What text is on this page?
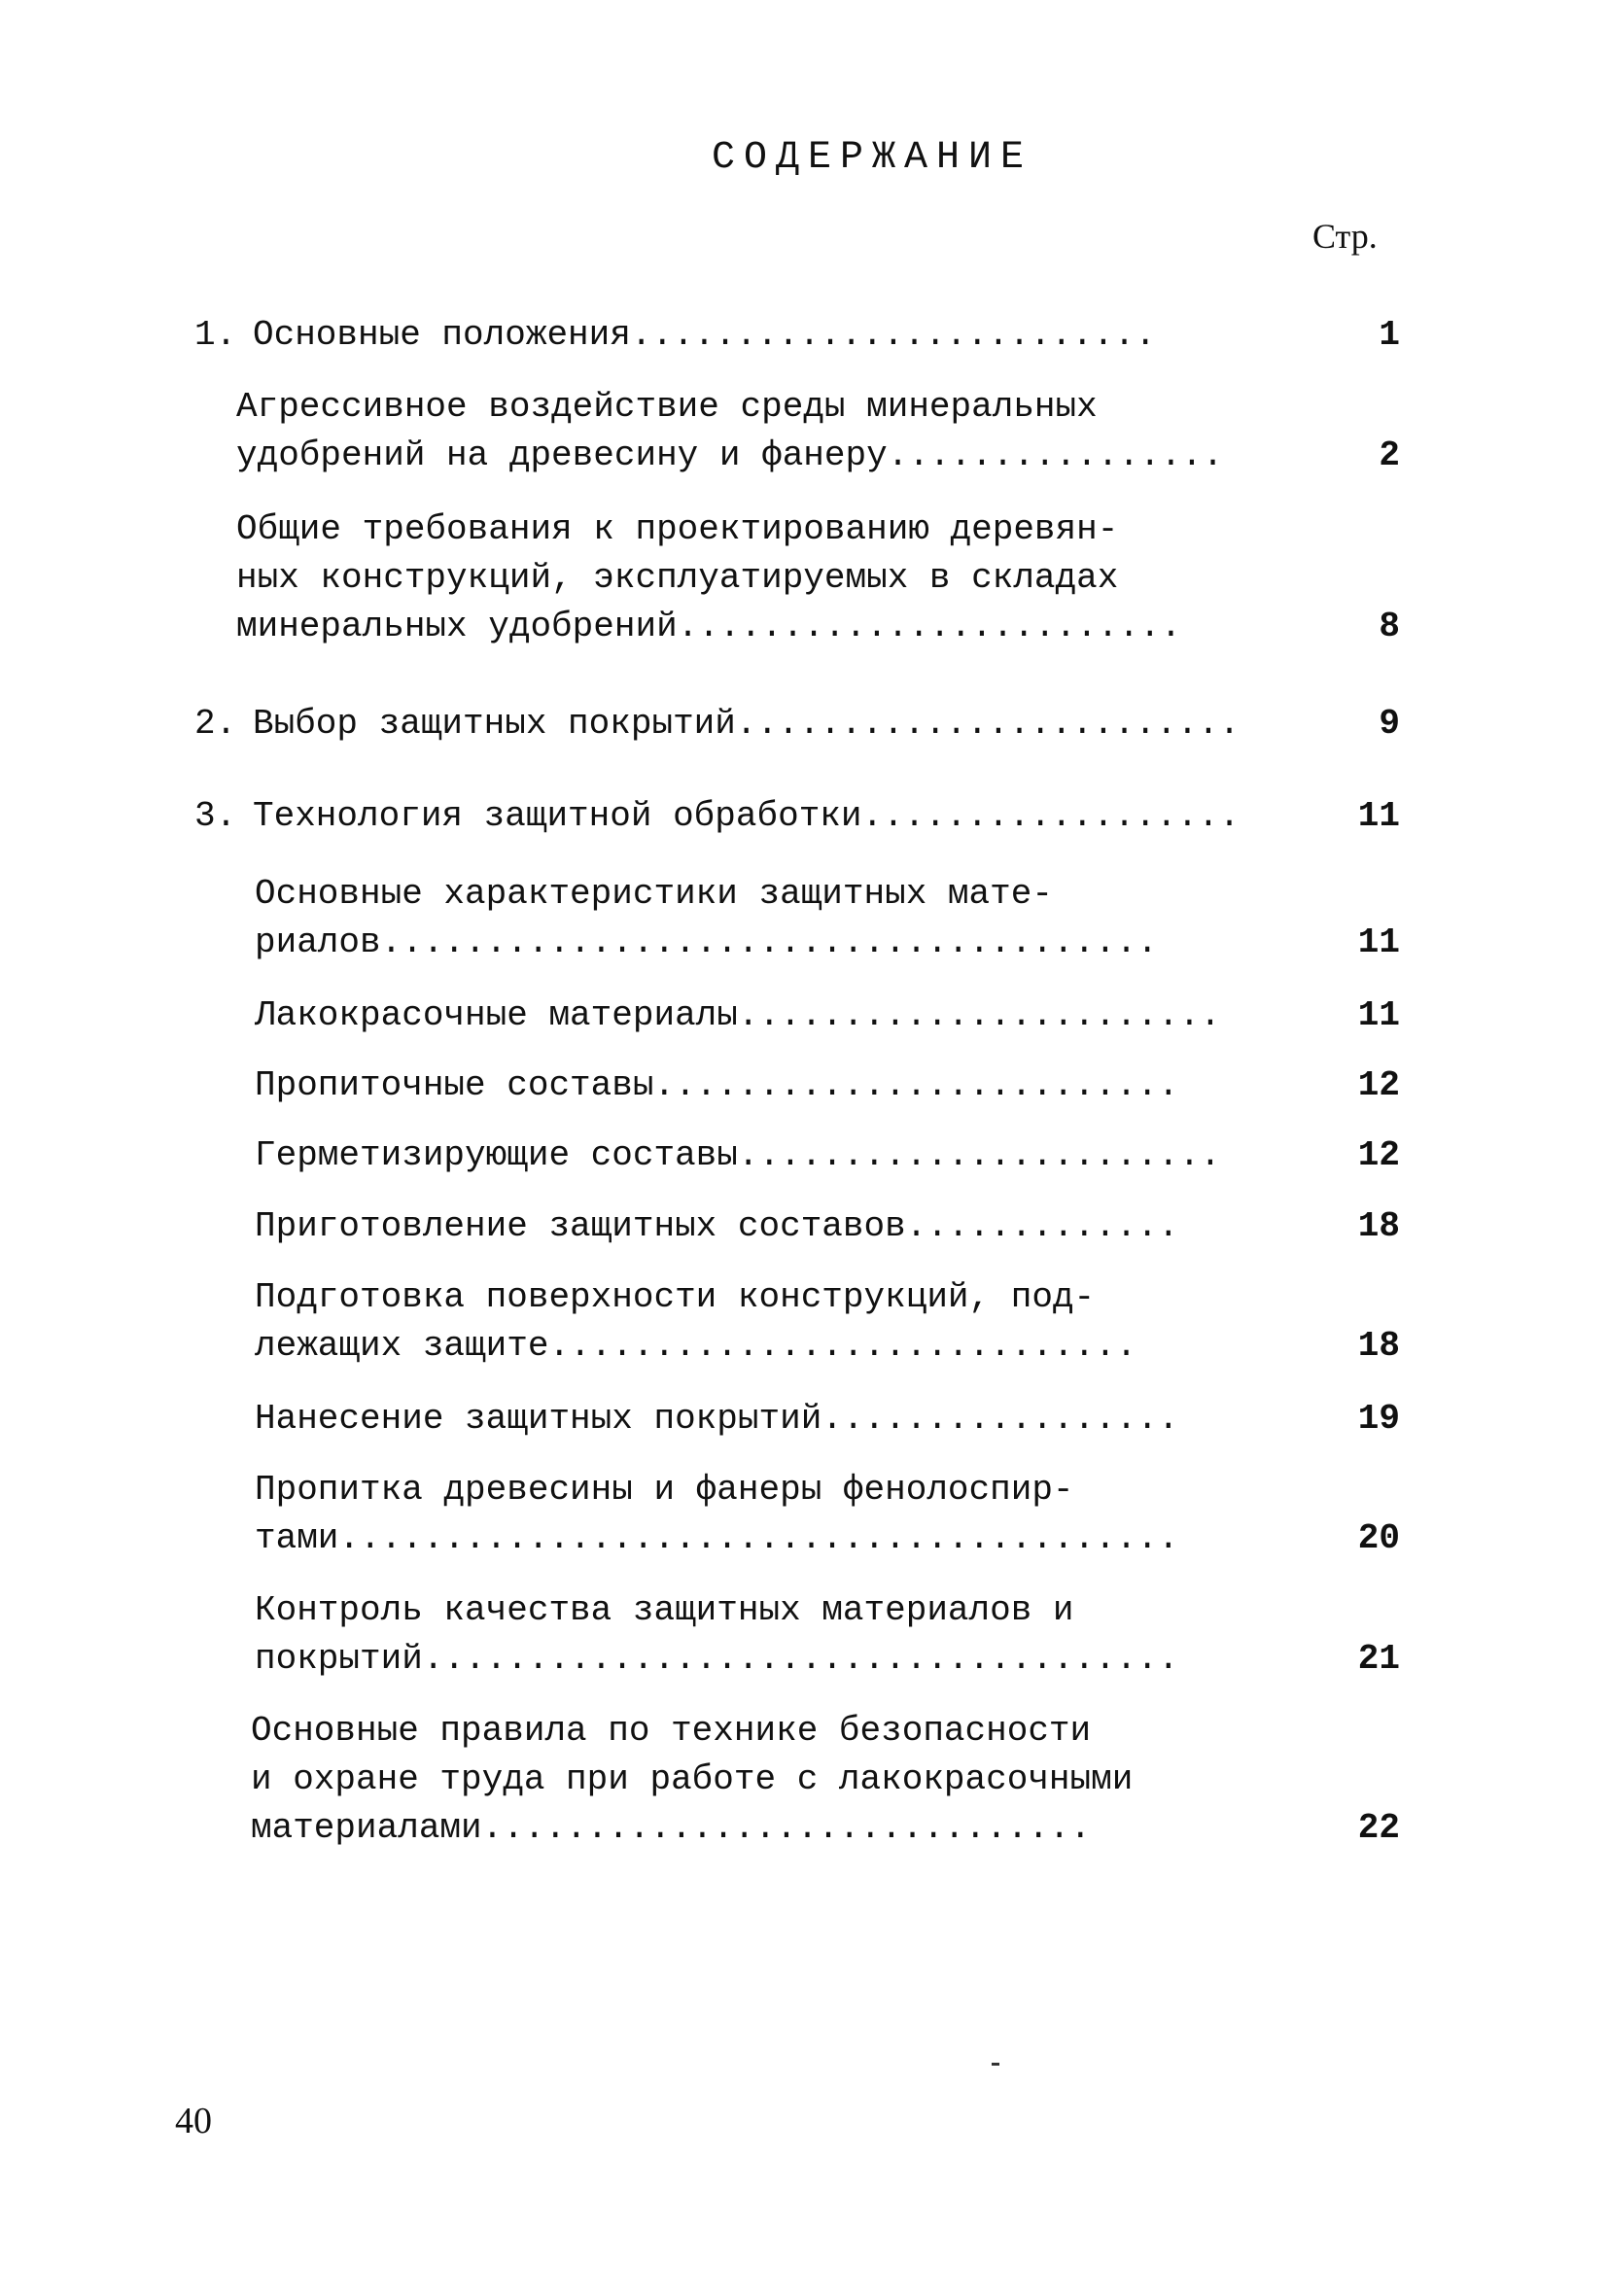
СОДЕРЖАНИЕ
Стр.
1. Основные положения.........................	1
Агрессивное воздействие среды минеральных
удобрений на древесину и фанеру................	2
Общие требования к проектированию деревян-
ных конструкций, эксплуатируемых в складах
минеральных удобрений........................	8
2. Выбор защитных покрытий........................	9
3. Технология защитной обработки..................	11
Основные характеристики защитных мате-
риалов.....................................	11
Лакокрасочные материалы.......................	11
Пропиточные составы.........................	12
Герметизирующие составы.......................	12
Приготовление защитных составов.............	18
Подготовка поверхности конструкций, под-
лежащих защите............................	18
Нанесение защитных покрытий.................	19
Пропитка древесины и фанеры фенолоспир-
тами........................................	20
Контроль качества защитных материалов и
покрытий....................................	21
Основные правила по технике безопасности
и охране труда при работе с лакокрасочными
материалами.............................	22
40
